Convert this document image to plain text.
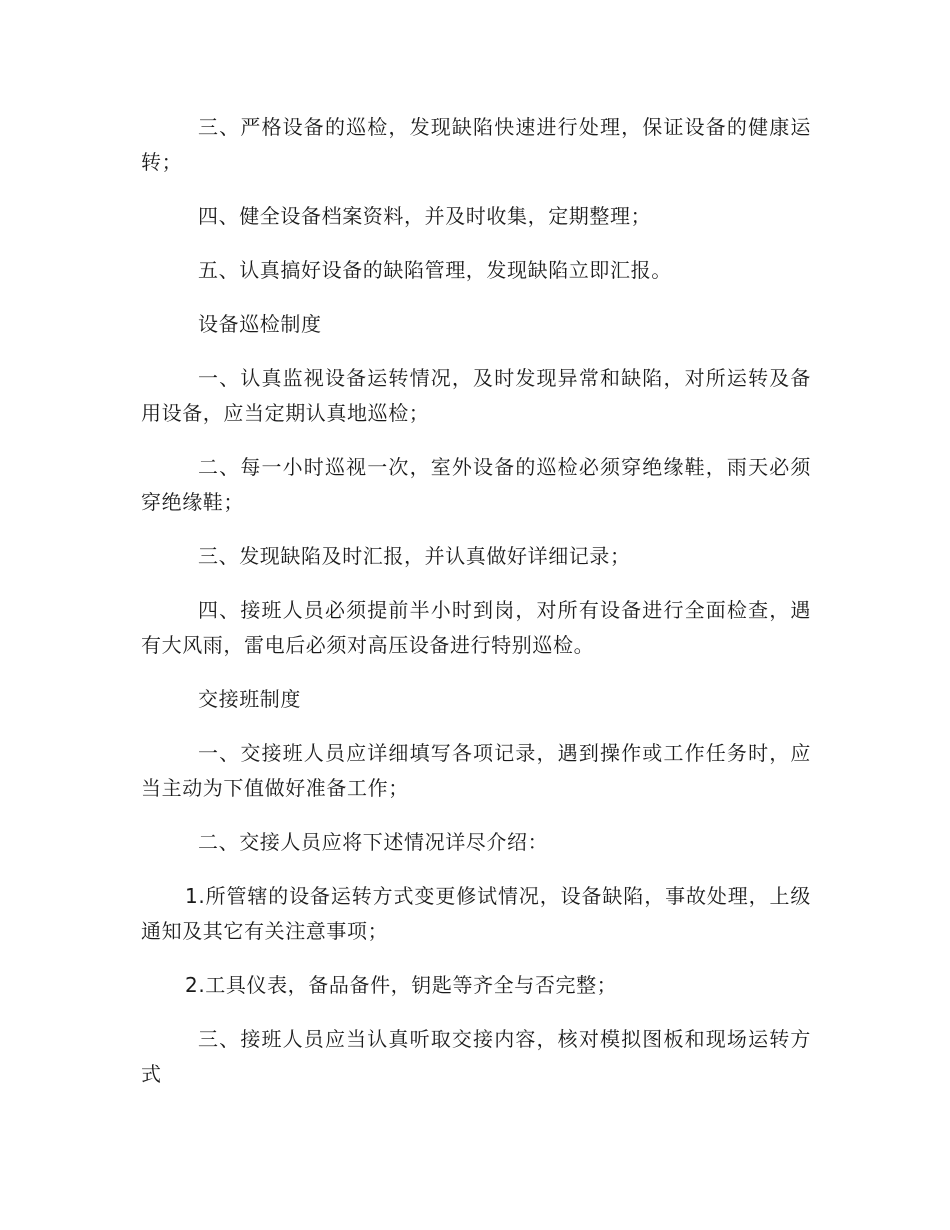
三、严格设备的巡检，发现缺陷快速进行处理，保证设备的健康运转；

四、健全设备档案资料，并及时收集，定期整理；

五、认真搞好设备的缺陷管理，发现缺陷立即汇报。

设备巡检制度

一、认真监视设备运转情况，及时发现异常和缺陷，对所运转及备用设备，应当定期认真地巡检；

二、每一小时巡视一次，室外设备的巡检必须穿绝缘鞋，雨天必须穿绝缘鞋；

三、发现缺陷及时汇报，并认真做好详细记录；

四、接班人员必须提前半小时到岗，对所有设备进行全面检查，遇有大风雨，雷电后必须对高压设备进行特别巡检。

交接班制度

一、交接班人员应详细填写各项记录，遇到操作或工作任务时，应当主动为下值做好准备工作；

二、交接人员应将下述情况详尽介绍：

1.所管辖的设备运转方式变更修试情况，设备缺陷，事故处理，上级通知及其它有关注意事项；

2.工具仪表，备品备件，钥匙等齐全与否完整；

三、接班人员应当认真听取交接内容，核对模拟图板和现场运转方式
